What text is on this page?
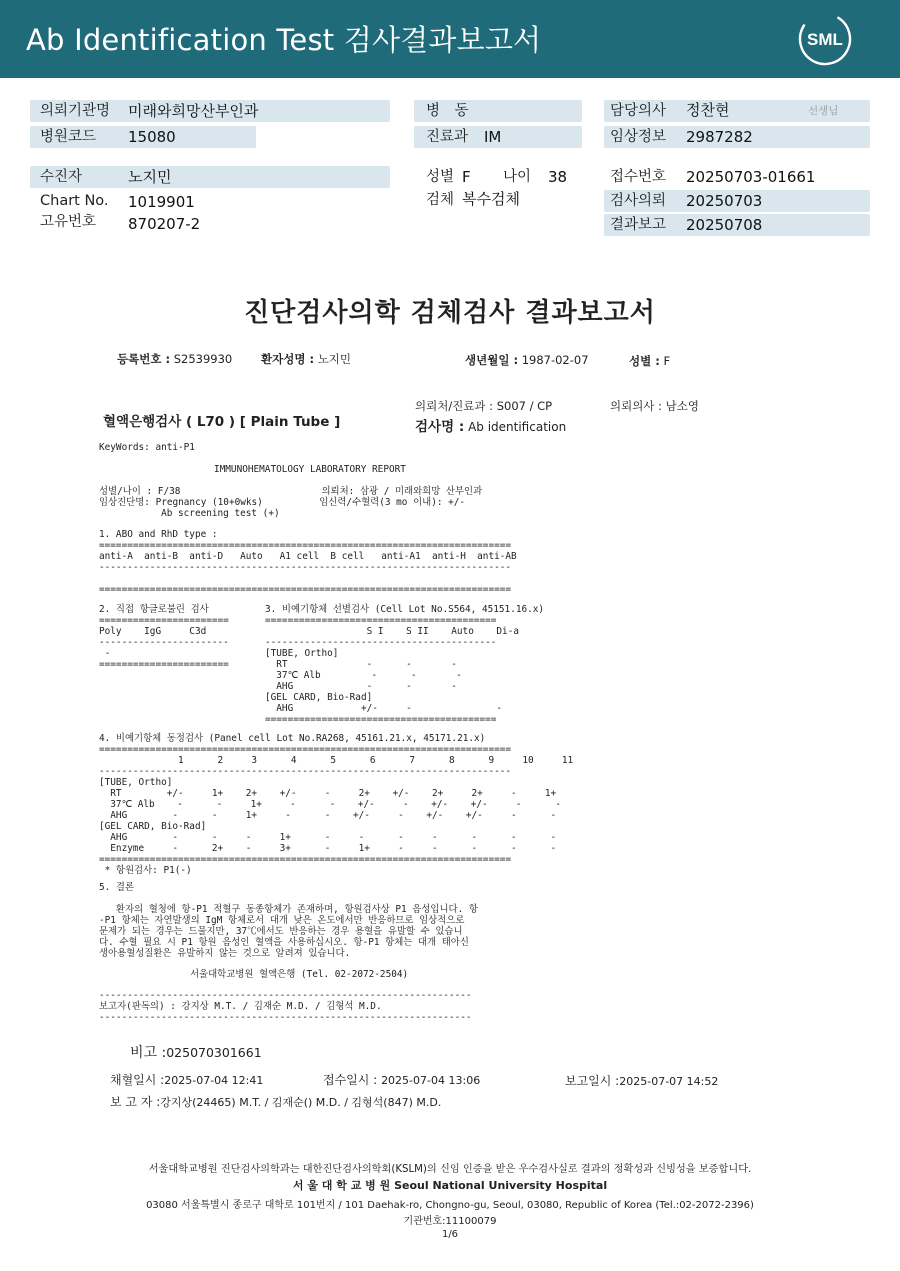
Ab Identification Test 검사결과보고서	SML
의뢰기관명 미래와희망산부인과
병원코드 15080
병 동
진료과 IM
담당의사 정찬현	선생님
임상정보 2987282
수진자	노지민
Chart No. 1019901
고유번호 870207-2
성별 F 나이 38
검체 복수검체
접수번호 20250703-01661
검사의뢰 20250703
결과보고 20250708
진단검사의학 검체검사 결과보고서
등록번호 : S2539930	환자성명 : 노지민	생년월일 : 1987-02-07	성별 : F
의뢰처/진료과 : S007 / CP	의뢰의사 : 남소영
혈액은행검사 ( L70 ) [ Plain Tube ]	검사명 : Ab identification
KeyWords: anti-P1
IMMUNOHEMATOLOGY LABORATORY REPORT
성별/나이 : F/38                         의뢰처: 삼광 / 미래와희망 산부인과
임상진단명: Pregnancy (10+0wks)          임신력/수혈력(3 mo 이내): +/-
Ab screening test (+)
1. ABO and RhD type :
=========================================================================
anti-A  anti-B  anti-D   Auto   A1 cell  B cell   anti-A1  anti-H  anti-AB
-------------------------------------------------------------------------

=========================================================================
2. 직접 항글로불린 검사
=======================
Poly    IgG     C3d
-----------------------
-
=======================
3. 비예기항체 선별검사 (Cell Lot No.S564, 45151.16.x)
=========================================
S I    S II    Auto    Di-a
-----------------------------------------
[TUBE, Ortho]
RT              -      -       -
37℃ Alb         -      -       -
AHG             -      -       -
[GEL CARD, Bio-Rad]
AHG            +/-     -               -
=========================================
4. 비예기항체 동정검사 (Panel cell Lot No.RA268, 45161.21.x, 45171.21.x)
=========================================================================
1      2     3      4      5      6      7      8      9     10     11
-------------------------------------------------------------------------
[TUBE, Ortho]
RT        +/-     1+    2+    +/-     -     2+    +/-    2+     2+     -     1+
37℃ Alb    -      -     1+     -      -    +/-     -    +/-    +/-     -      -
AHG        -      -     1+     -      -    +/-     -    +/-    +/-     -      -
[GEL CARD, Bio-Rad]
AHG        -      -     -     1+      -     -      -     -      -      -      -
Enzyme     -      2+    -     3+      -     1+     -     -      -      -      -
=========================================================================
* 항원검사: P1(-)
5. 결론

환자의 혈청에 항-P1 적혈구 동종항체가 존재하며, 항원검사상 P1 음성입니다. 항
-P1 항체는 자연발생의 IgM 항체로서 대개 낮은 온도에서만 반응하므로 임상적으로
문제가 되는 경우는 드물지만, 37℃에서도 반응하는 경우 용혈을 유발할 수 있습니
다. 수혈 필요 시 P1 항원 음성인 혈액을 사용하십시오. 항-P1 항체는 대개 태아신
생아용혈성질환은 유발하지 않는 것으로 알려져 있습니다.
서울대학교병원 혈액은행 (Tel. 02-2072-2504)
------------------------------------------------------------------
보고자(판독의) : 강지상 M.T. / 김재순 M.D. / 김형석 M.D.
------------------------------------------------------------------
비고 :025070301661
채혈일시 :2025-07-04 12:41	접수일시 : 2025-07-04 13:06	보고일시 :2025-07-07 14:52
보 고 자 :강지상(24465) M.T. / 김재순() M.D. / 김형석(847) M.D.
서울대학교병원 진단검사의학과는 대한진단검사의학회(KSLM)의 신임 인증을 받은 우수검사실로 결과의 정확성과 신빙성을 보증합니다.
서 울 대 학 교 병 원 Seoul National University Hospital
03080 서울특별시 종로구 대학로 101번지 / 101 Daehak-ro, Chongno-gu, Seoul, 03080, Republic of Korea (Tel.:02-2072-2396)
기관번호:11100079
1/6
